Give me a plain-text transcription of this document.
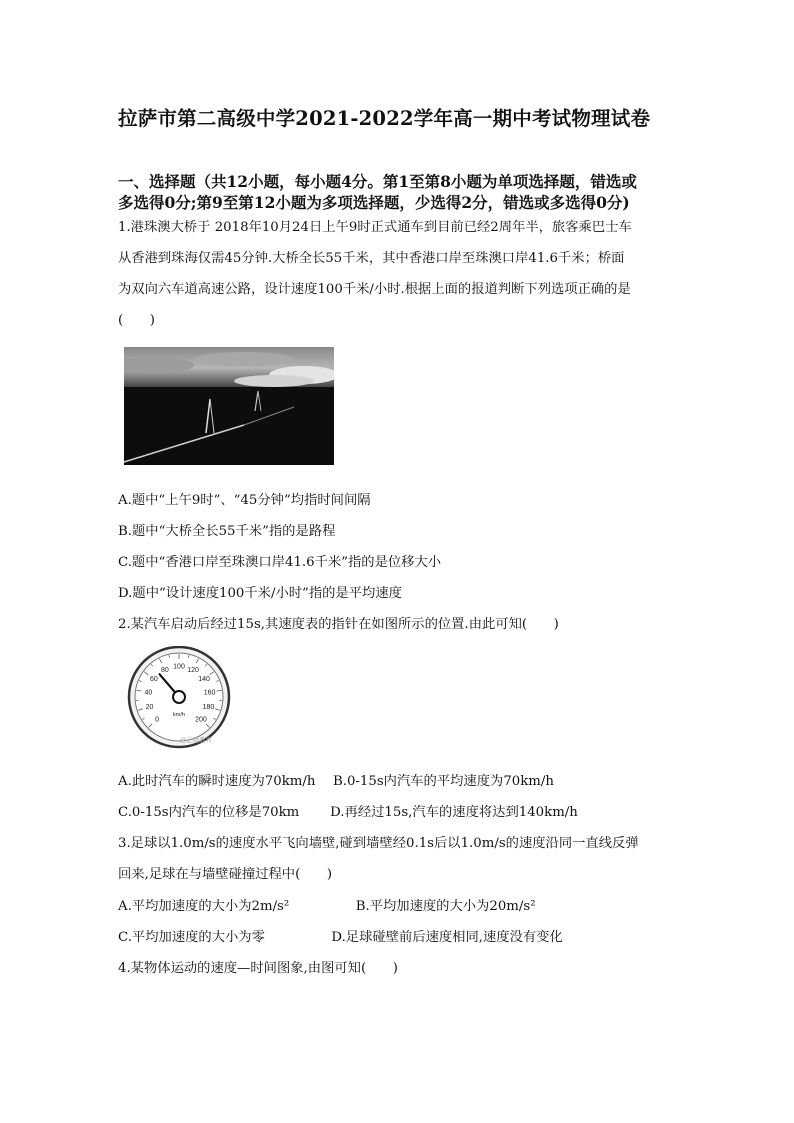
拉萨市第二高级中学2021-2022学年高一期中考试物理试卷
一、选择题（共12小题，每小题4分。第1至第8小题为单项选择题，错选或
多选得0分;第9至第12小题为多项选择题，少选得2分，错选或多选得0分)
1.港珠澳大桥于 2018年10月24日上午9时正式通车到目前已经2周年半，旅客乘巴士车
从香港到珠海仅需45分钟.大桥全长55千米，其中香港口岸至珠澳口岸41.6千米；桥面
为双向六车道高速公路，设计速度100千米/小时.根据上面的报道判断下列选项正确的是
(　　)
A.题中“上午9时”、“45分钟”均指时间间隔
B.题中“大桥全长55千米”指的是路程
C.题中“香港口岸至珠澳口岸41.6千米”指的是位移大小
D.题中“设计速度100千米/小时”指的是平均速度
2.某汽车启动后经过15s,其速度表的指针在如图所示的位置.由此可知(　　)
0
20
40
60
80 100 120
140
160
180
200
km/h
@正确教育
A.此时汽车的瞬时速度为70km/h　 B.0-15s内汽车的平均速度为70km/h
C.0-15s内汽车的位移是70km　　 D.再经过15s,汽车的速度将达到140km/h
3.足球以1.0m/s的速度水平飞向墙壁,碰到墙壁经0.1s后以1.0m/s的速度沿同一直线反弹
回来,足球在与墙壁碰撞过程中(　　)
A.平均加速度的大小为2m/s²　　　　　B.平均加速度的大小为20m/s²
C.平均加速度的大小为零　　　　　D.足球碰壁前后速度相同,速度没有变化
4.某物体运动的速度—时间图象,由图可知(　　)
